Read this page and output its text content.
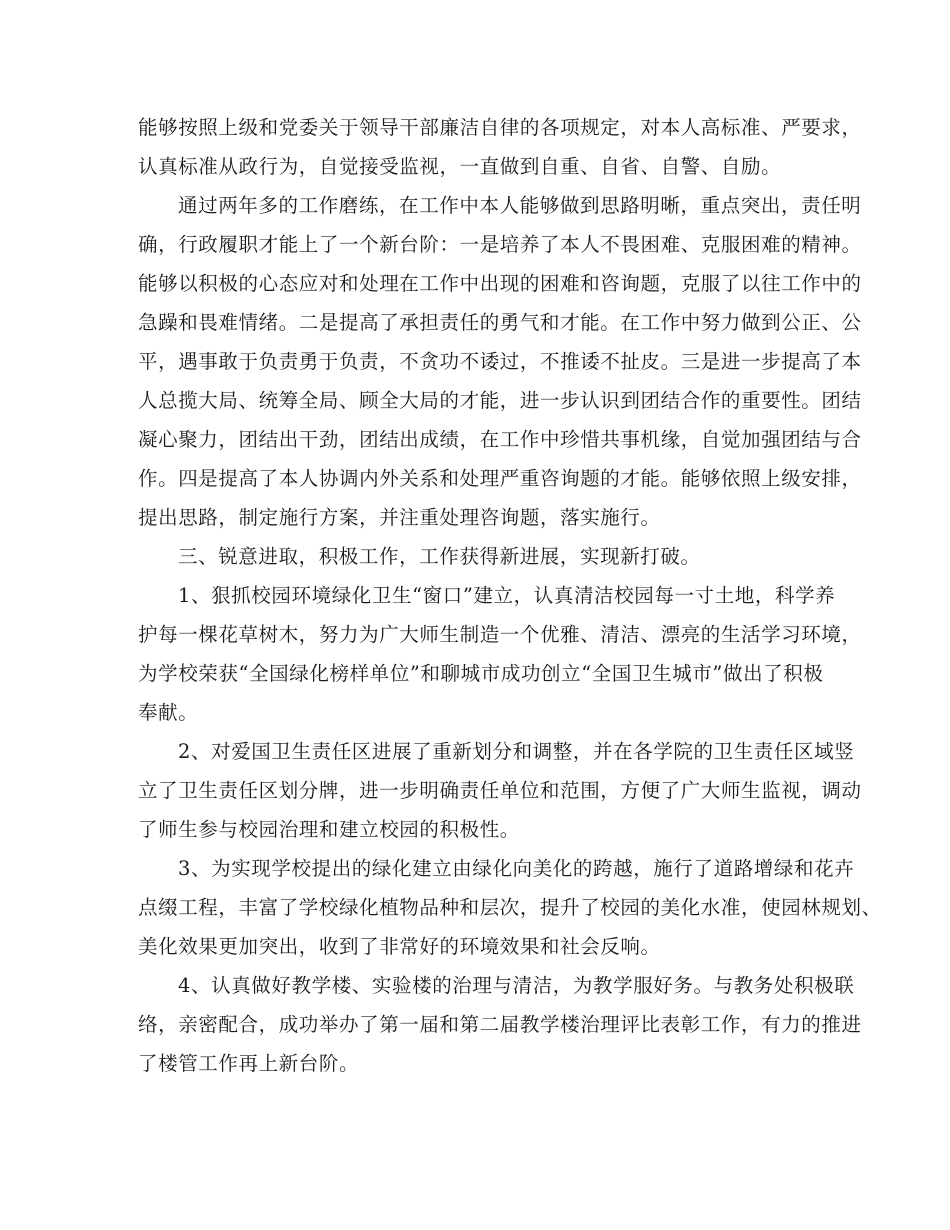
能够按照上级和党委关于领导干部廉洁自律的各项规定，对本人高标准、严要求，
认真标准从政行为，自觉接受监视，一直做到自重、自省、自警、自励。
通过两年多的工作磨练，在工作中本人能够做到思路明晰，重点突出，责任明
确，行政履职才能上了一个新台阶：一是培养了本人不畏困难、克服困难的精神。
能够以积极的心态应对和处理在工作中出现的困难和咨询题，克服了以往工作中的
急躁和畏难情绪。二是提高了承担责任的勇气和才能。在工作中努力做到公正、公
平，遇事敢于负责勇于负责，不贪功不诿过，不推诿不扯皮。三是进一步提高了本
人总揽大局、统筹全局、顾全大局的才能，进一步认识到团结合作的重要性。团结
凝心聚力，团结出干劲，团结出成绩，在工作中珍惜共事机缘，自觉加强团结与合
作。四是提高了本人协调内外关系和处理严重咨询题的才能。能够依照上级安排，
提出思路，制定施行方案，并注重处理咨询题，落实施行。
三、锐意进取，积极工作，工作获得新进展，实现新打破。
1、狠抓校园环境绿化卫生“窗口”建立，认真清洁校园每一寸土地，科学养
护每一棵花草树木，努力为广大师生制造一个优雅、清洁、漂亮的生活学习环境，
为学校荣获“全国绿化榜样单位”和聊城市成功创立“全国卫生城市”做出了积极
奉献。
2、对爱国卫生责任区进展了重新划分和调整，并在各学院的卫生责任区域竖
立了卫生责任区划分牌，进一步明确责任单位和范围，方便了广大师生监视，调动
了师生参与校园治理和建立校园的积极性。
3、为实现学校提出的绿化建立由绿化向美化的跨越，施行了道路增绿和花卉
点缀工程，丰富了学校绿化植物品种和层次，提升了校园的美化水准，使园林规划、
美化效果更加突出，收到了非常好的环境效果和社会反响。
4、认真做好教学楼、实验楼的治理与清洁，为教学服好务。与教务处积极联
络，亲密配合，成功举办了第一届和第二届教学楼治理评比表彰工作，有力的推进
了楼管工作再上新台阶。
